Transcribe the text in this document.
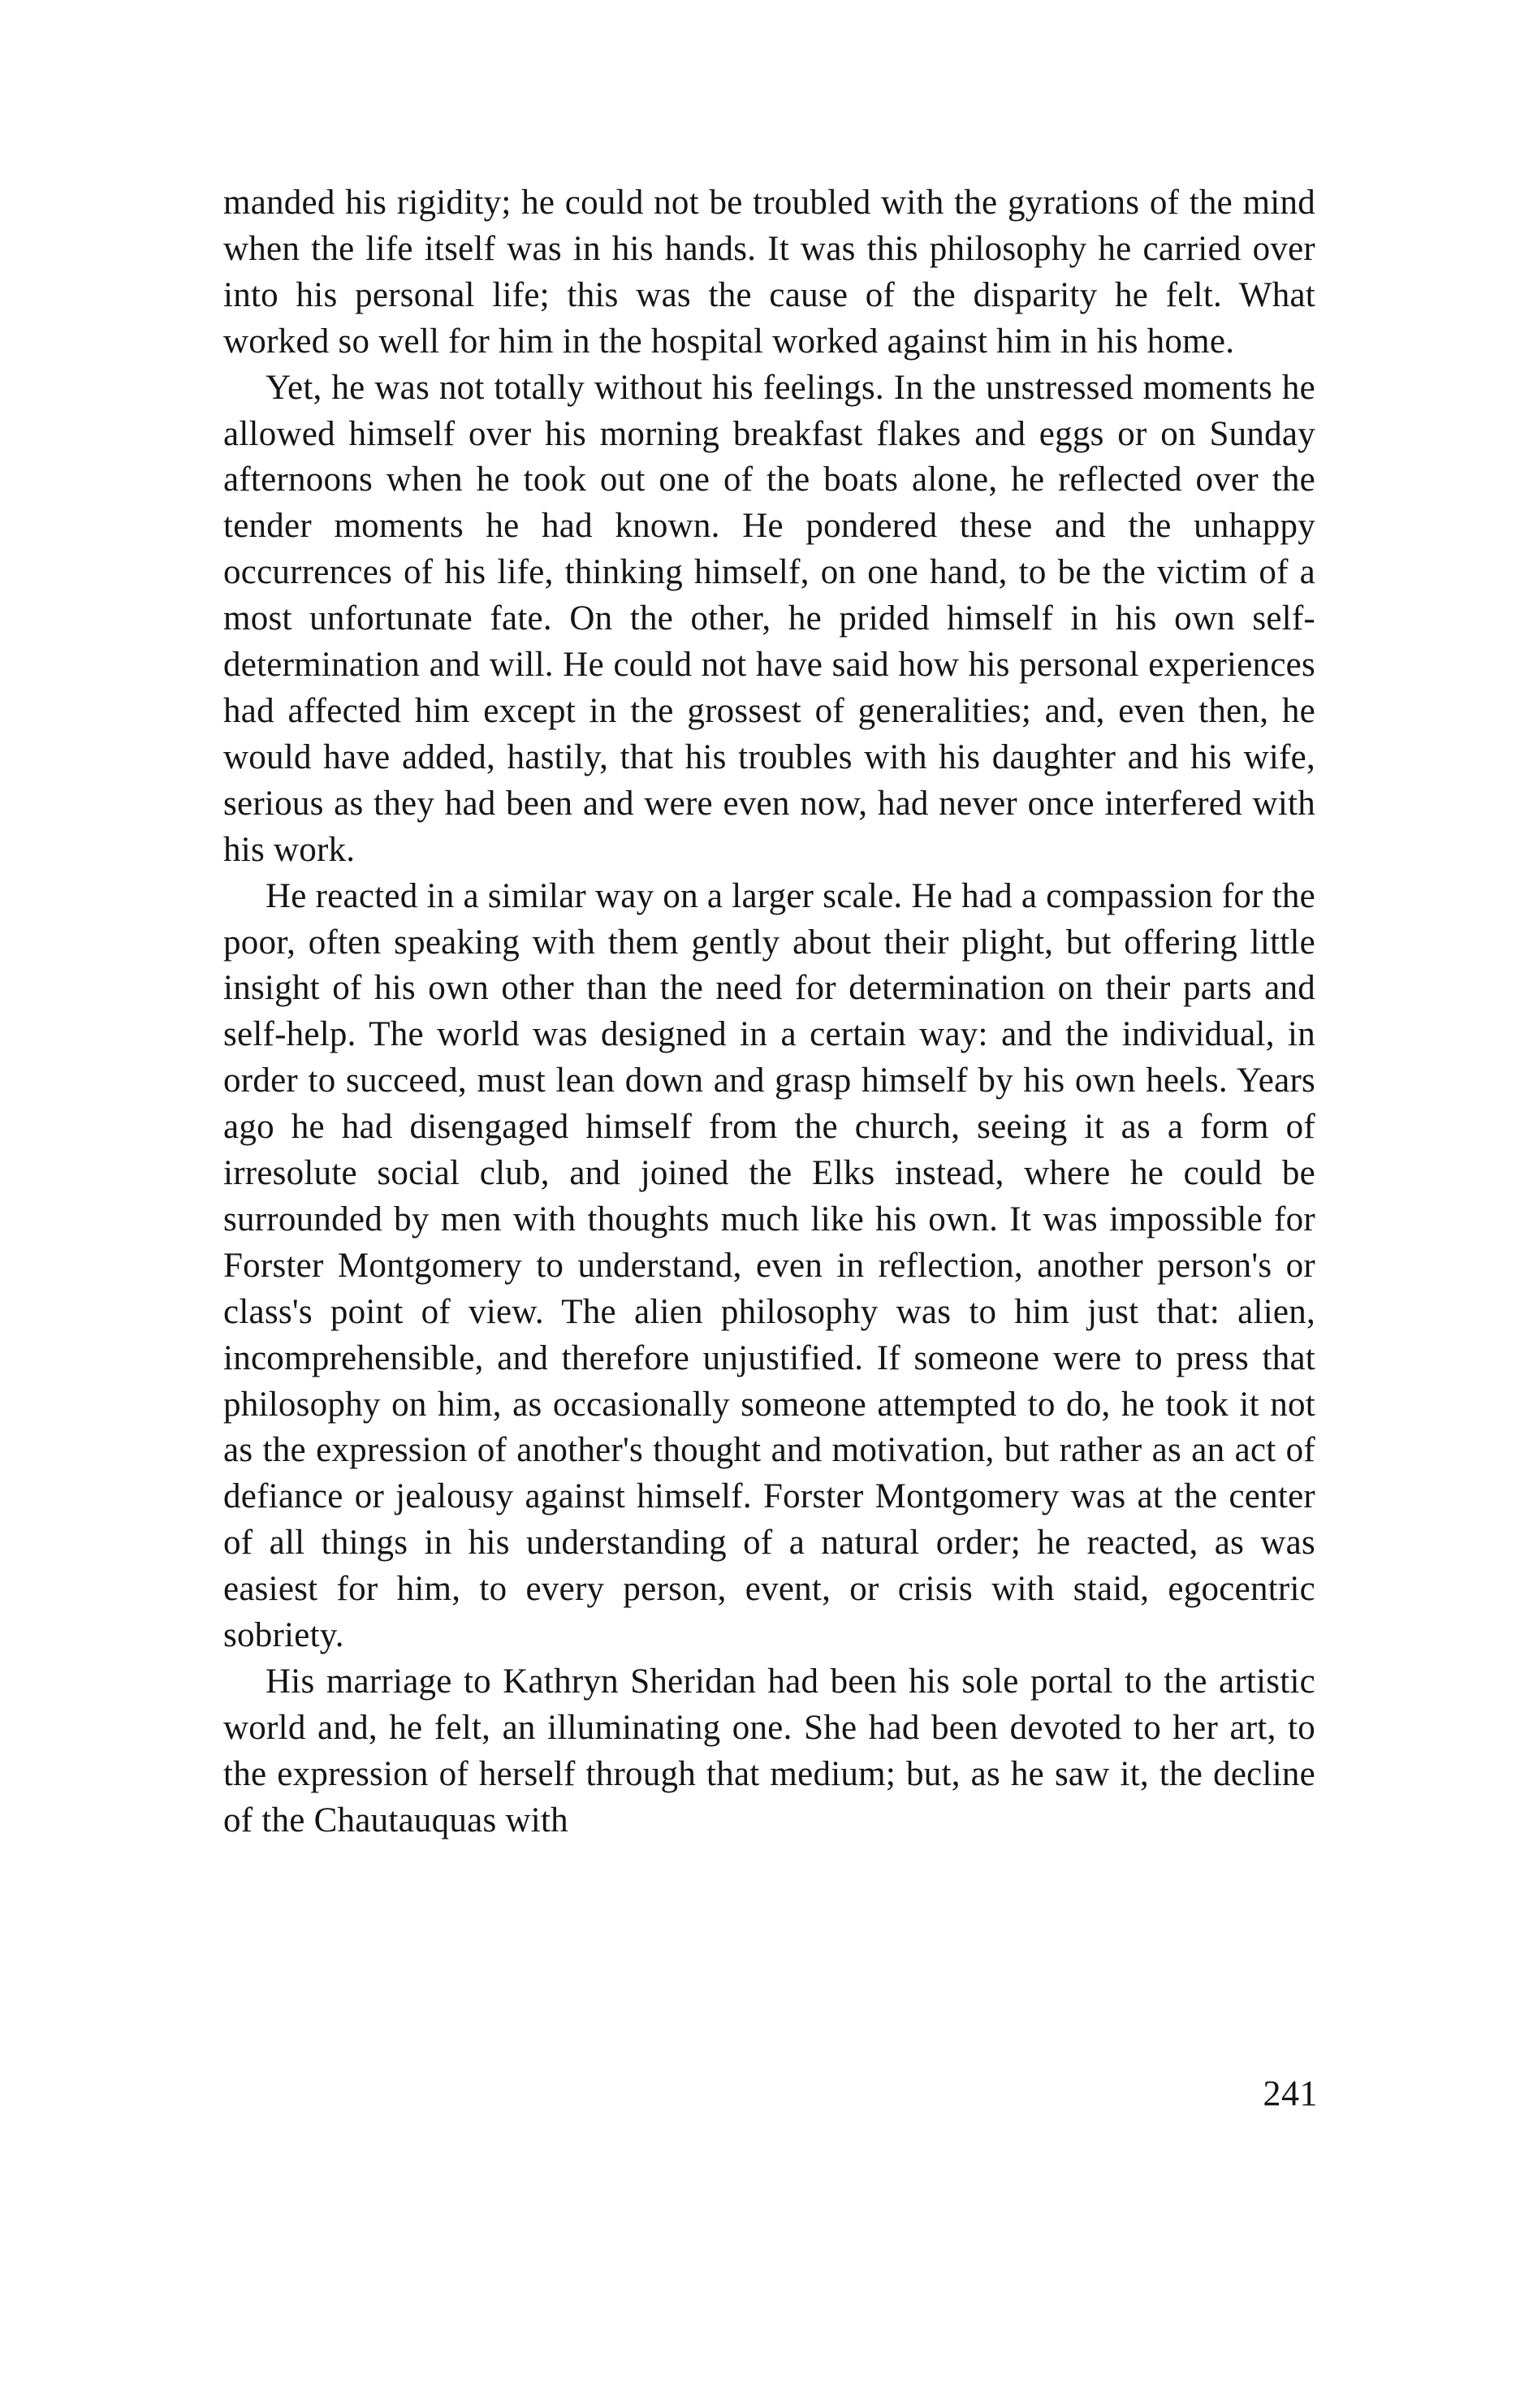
manded his rigidity; he could not be troubled with the gyrations of the mind when the life itself was in his hands. It was this philosophy he carried over into his personal life; this was the cause of the disparity he felt. What worked so well for him in the hospital worked against him in his home.

Yet, he was not totally without his feelings. In the unstressed moments he allowed himself over his morning breakfast flakes and eggs or on Sunday afternoons when he took out one of the boats alone, he reflected over the tender moments he had known. He pondered these and the unhappy occurrences of his life, thinking himself, on one hand, to be the victim of a most unfortunate fate. On the other, he prided himself in his own self-determination and will. He could not have said how his personal experiences had affected him except in the grossest of generalities; and, even then, he would have added, hastily, that his troubles with his daughter and his wife, serious as they had been and were even now, had never once interfered with his work.

He reacted in a similar way on a larger scale. He had a compassion for the poor, often speaking with them gently about their plight, but offering little insight of his own other than the need for determination on their parts and self-help. The world was designed in a certain way: and the individual, in order to succeed, must lean down and grasp himself by his own heels. Years ago he had disengaged himself from the church, seeing it as a form of irresolute social club, and joined the Elks instead, where he could be surrounded by men with thoughts much like his own. It was impossible for Forster Montgomery to understand, even in reflection, another person's or class's point of view. The alien philosophy was to him just that: alien, incomprehensible, and therefore unjustified. If someone were to press that philosophy on him, as occasionally someone attempted to do, he took it not as the expression of another's thought and motivation, but rather as an act of defiance or jealousy against himself. Forster Montgomery was at the center of all things in his understanding of a natural order; he reacted, as was easiest for him, to every person, event, or crisis with staid, egocentric sobriety.

His marriage to Kathryn Sheridan had been his sole portal to the artistic world and, he felt, an illuminating one. She had been devoted to her art, to the expression of herself through that medium; but, as he saw it, the decline of the Chautauquas with

241
